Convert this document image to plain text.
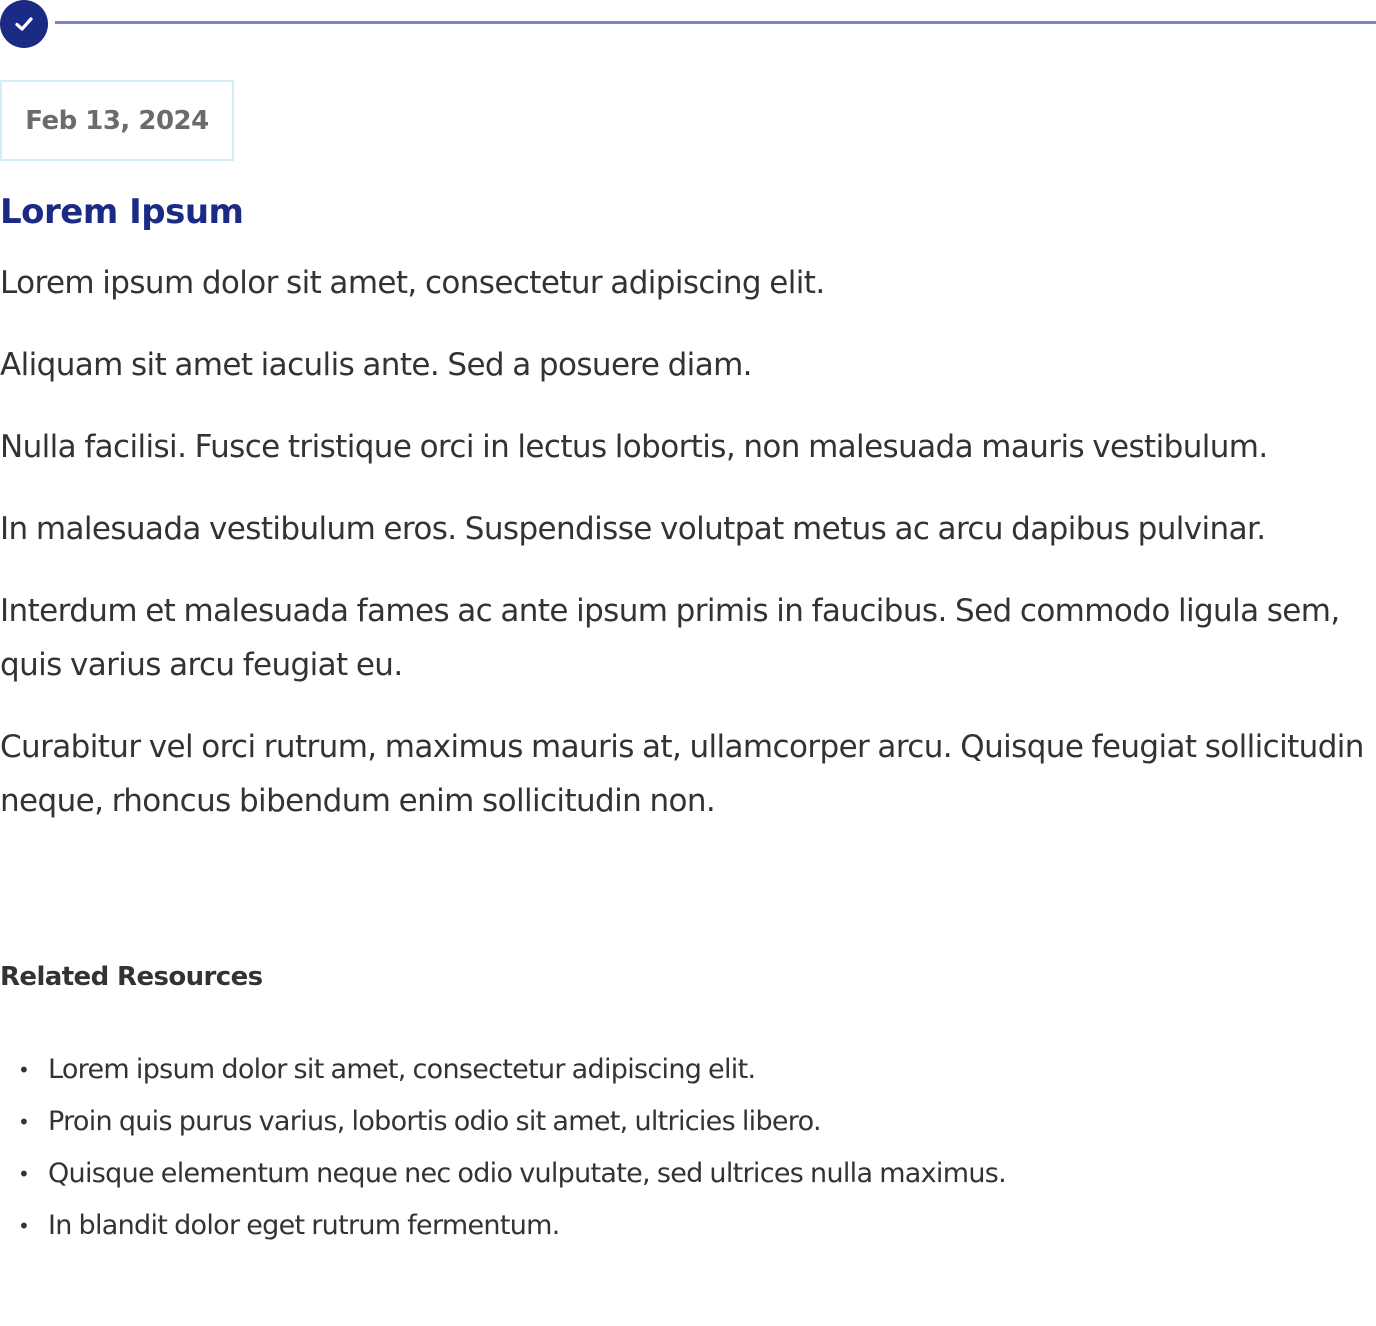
Feb 13, 2024
Lorem Ipsum

Lorem ipsum dolor sit amet, consectetur adipiscing elit.

Aliquam sit amet iaculis ante. Sed a posuere diam.

Nulla facilisi. Fusce tristique orci in lectus lobortis, non malesuada mauris vestibulum.

In malesuada vestibulum eros. Suspendisse volutpat metus ac arcu dapibus pulvinar.

Interdum et malesuada fames ac ante ipsum primis in faucibus. Sed commodo ligula sem, quis varius arcu feugiat eu.

Curabitur vel orci rutrum, maximus mauris at, ullamcorper arcu. Quisque feugiat sollicitudin neque, rhoncus bibendum enim sollicitudin non.

Related Resources
• Lorem ipsum dolor sit amet, consectetur adipiscing elit.
• Proin quis purus varius, lobortis odio sit amet, ultricies libero.
• Quisque elementum neque nec odio vulputate, sed ultrices nulla maximus.
• In blandit dolor eget rutrum fermentum.
